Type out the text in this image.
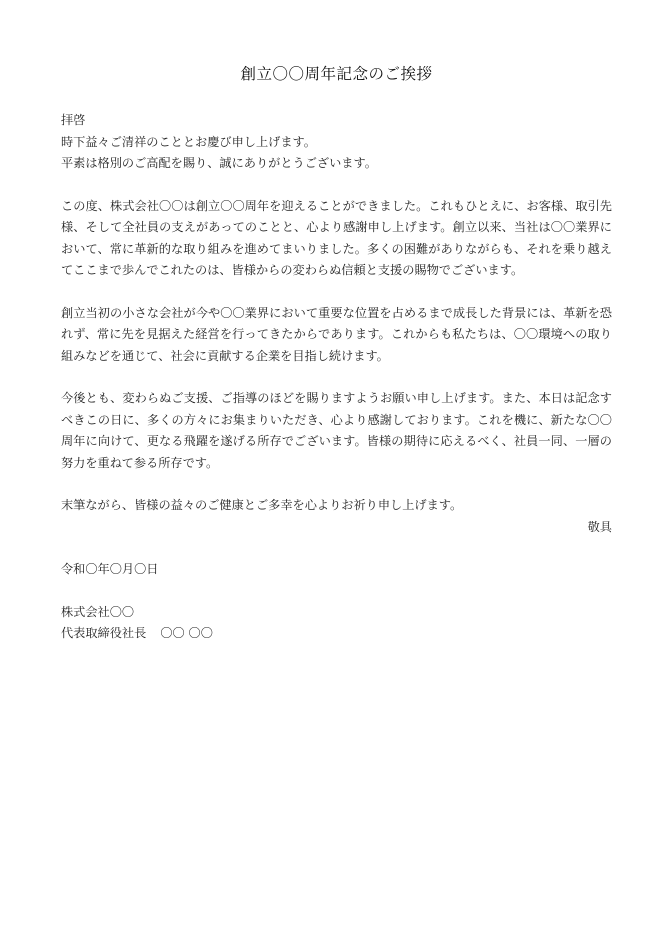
創立〇〇周年記念のご挨拶

拝啓

時下益々ご清祥のこととお慶び申し上げます。

平素は格別のご高配を賜り、誠にありがとうございます。

この度、株式会社〇〇は創立〇〇周年を迎えることができました。これもひとえに、お客様、取引先様、そして全社員の支えがあってのことと、心より感謝申し上げます。創立以来、当社は〇〇業界において、常に革新的な取り組みを進めてまいりました。多くの困難がありながらも、それを乗り越えてここまで歩んでこれたのは、皆様からの変わらぬ信頼と支援の賜物でございます。

創立当初の小さな会社が今や〇〇業界において重要な位置を占めるまで成長した背景には、革新を恐れず、常に先を見据えた経営を行ってきたからであります。これからも私たちは、〇〇環境への取り組みなどを通じて、社会に貢献する企業を目指し続けます。

今後とも、変わらぬご支援、ご指導のほどを賜りますようお願い申し上げます。また、本日は記念すべきこの日に、多くの方々にお集まりいただき、心より感謝しております。これを機に、新たな〇〇周年に向けて、更なる飛躍を遂げる所存でございます。皆様の期待に応えるべく、社員一同、一層の努力を重ねて参る所存です。

末筆ながら、皆様の益々のご健康とご多幸を心よりお祈り申し上げます。

敬具

令和〇年〇月〇日

株式会社〇〇

代表取締役社長 〇〇 〇〇
